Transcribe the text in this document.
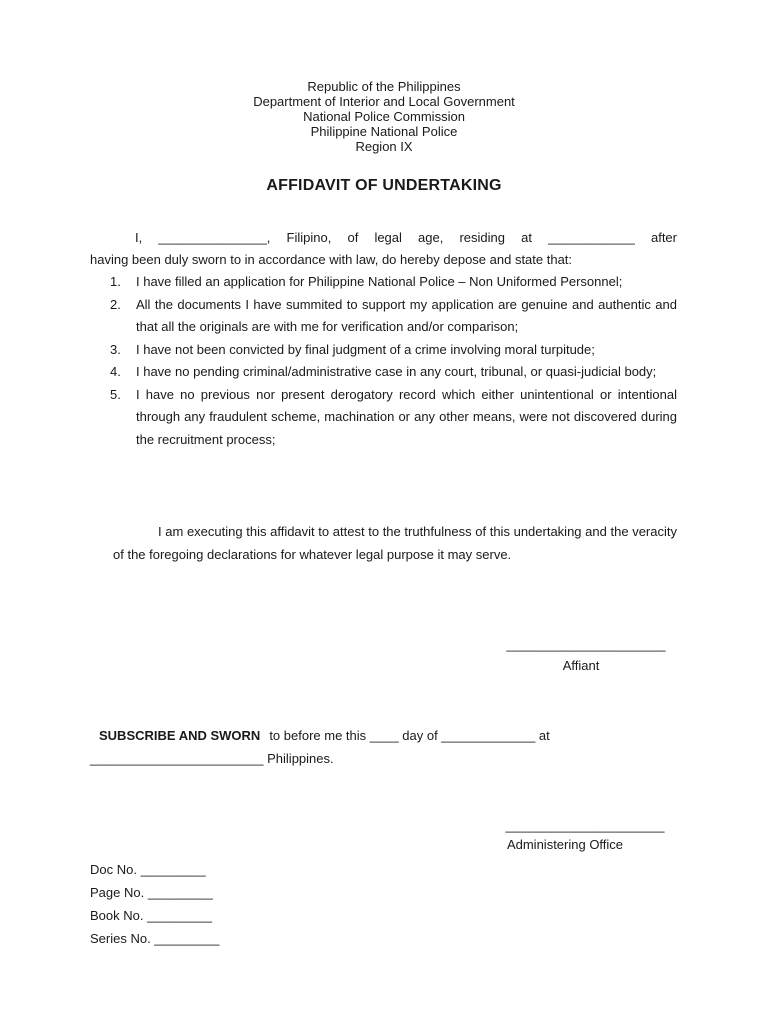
Republic of the Philippines
Department of Interior and Local Government
National Police Commission
Philippine National Police
Region IX
AFFIDAVIT OF UNDERTAKING

I, _______________, Filipino, of legal age, residing at ____________ after

having been duly sworn to in accordance with law, do hereby depose and state that:

1. I have filled an application for Philippine National Police – Non Uniformed Personnel;
2. All the documents I have summited to support my application are genuine and authentic and that all the originals are with me for verification and/or comparison;
3. I have not been convicted by final judgment of a crime involving moral turpitude;
4. I have no pending criminal/administrative case in any court, tribunal, or quasi-judicial body;
5. I have no previous nor present derogatory record which either unintentional or intentional through any fraudulent scheme, machination or any other means, were not discovered during the recruitment process;

I am executing this affidavit to attest to the truthfulness of this undertaking and the veracity of the foregoing declarations for whatever legal purpose it may serve.

______________________
Affiant
SUBSCRIBE AND SWORN to before me this ____ day of _____________ at
________________________ Philippines.
______________________
Administering Office
Doc No. _________
Page No. _________
Book No. _________
Series No. _________
